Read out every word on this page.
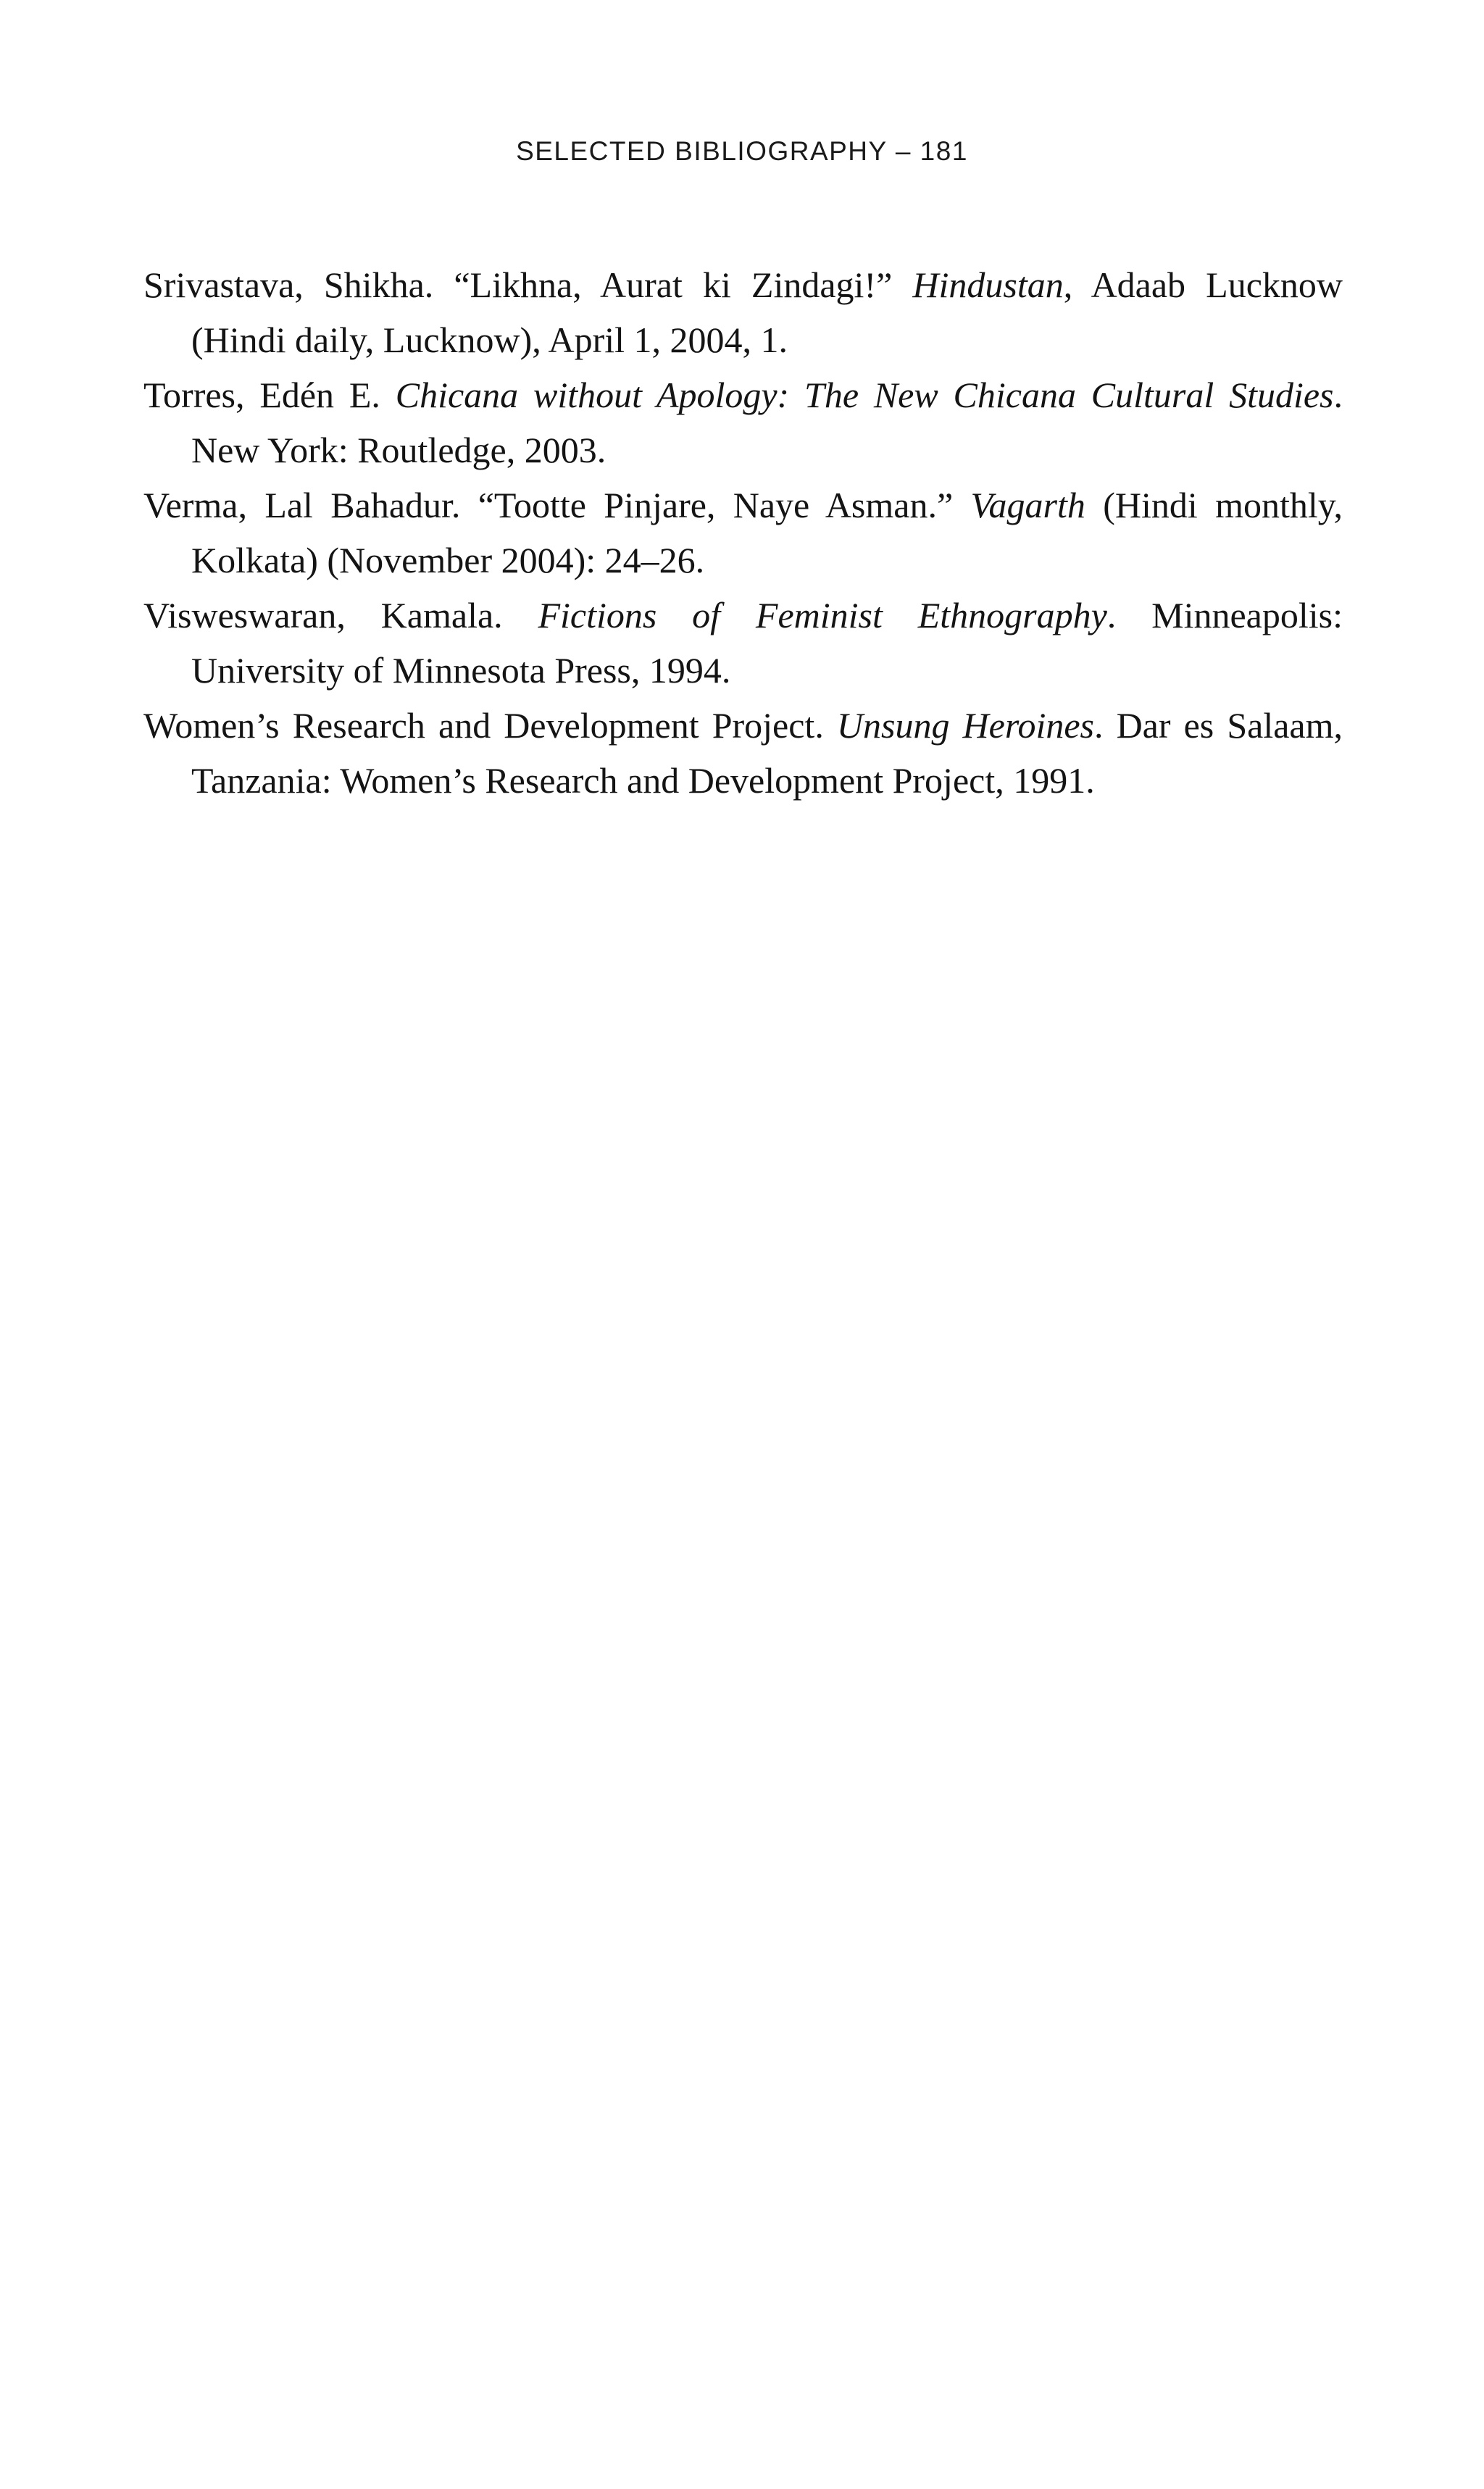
SELECTED BIBLIOGRAPHY – 181

Srivastava, Shikha. “Likhna, Aurat ki Zindagi!” Hindustan, Adaab Lucknow (Hindi daily, Lucknow), April 1, 2004, 1.

Torres, Edén E. Chicana without Apology: The New Chicana Cultural Studies. New York: Routledge, 2003.

Verma, Lal Bahadur. “Tootte Pinjare, Naye Asman.” Vagarth (Hindi monthly, Kolkata) (November 2004): 24–26.

Visweswaran, Kamala. Fictions of Feminist Ethnography. Minneapolis: University of Minnesota Press, 1994.

Women’s Research and Development Project. Unsung Heroines. Dar es Salaam, Tanzania: Women’s Research and Development Project, 1991.
